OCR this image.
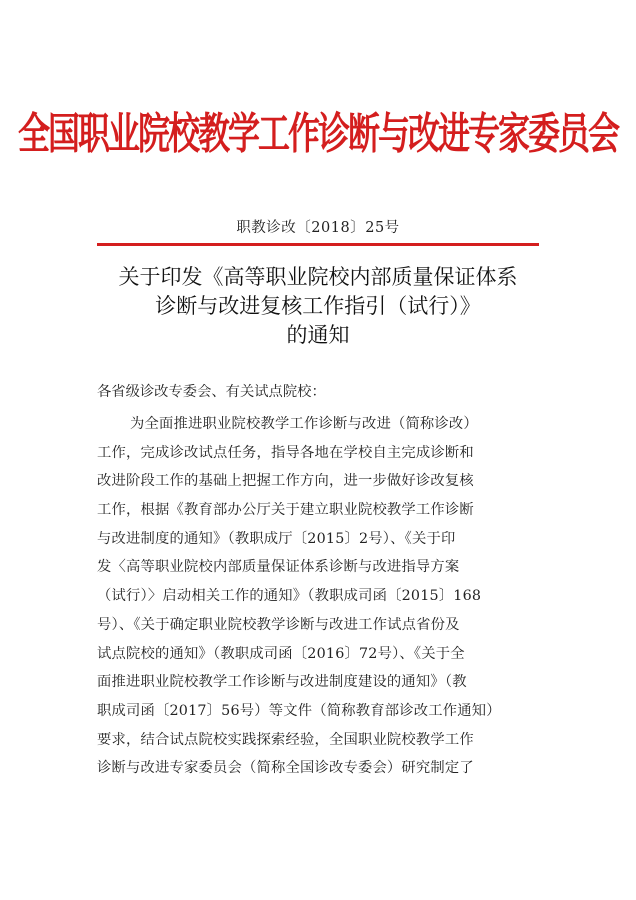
全国职业院校教学工作诊断与改进专家委员会
职教诊改〔2018〕25号
关于印发《高等职业院校内部质量保证体系
诊断与改进复核工作指引（试行）》
的通知
各省级诊改专委会、有关试点院校：
为全面推进职业院校教学工作诊断与改进（简称诊改）
工作，完成诊改试点任务，指导各地在学校自主完成诊断和
改进阶段工作的基础上把握工作方向，进一步做好诊改复核
工作，根据《教育部办公厅关于建立职业院校教学工作诊断
与改进制度的通知》（教职成厅〔2015〕2号）、《关于印
发〈高等职业院校内部质量保证体系诊断与改进指导方案
（试行）〉启动相关工作的通知》（教职成司函〔2015〕168
号）、《关于确定职业院校教学诊断与改进工作试点省份及
试点院校的通知》（教职成司函〔2016〕72号）、《关于全
面推进职业院校教学工作诊断与改进制度建设的通知》（教
职成司函〔2017〕56号）等文件（简称教育部诊改工作通知）
要求，结合试点院校实践探索经验，全国职业院校教学工作
诊断与改进专家委员会（简称全国诊改专委会）研究制定了
